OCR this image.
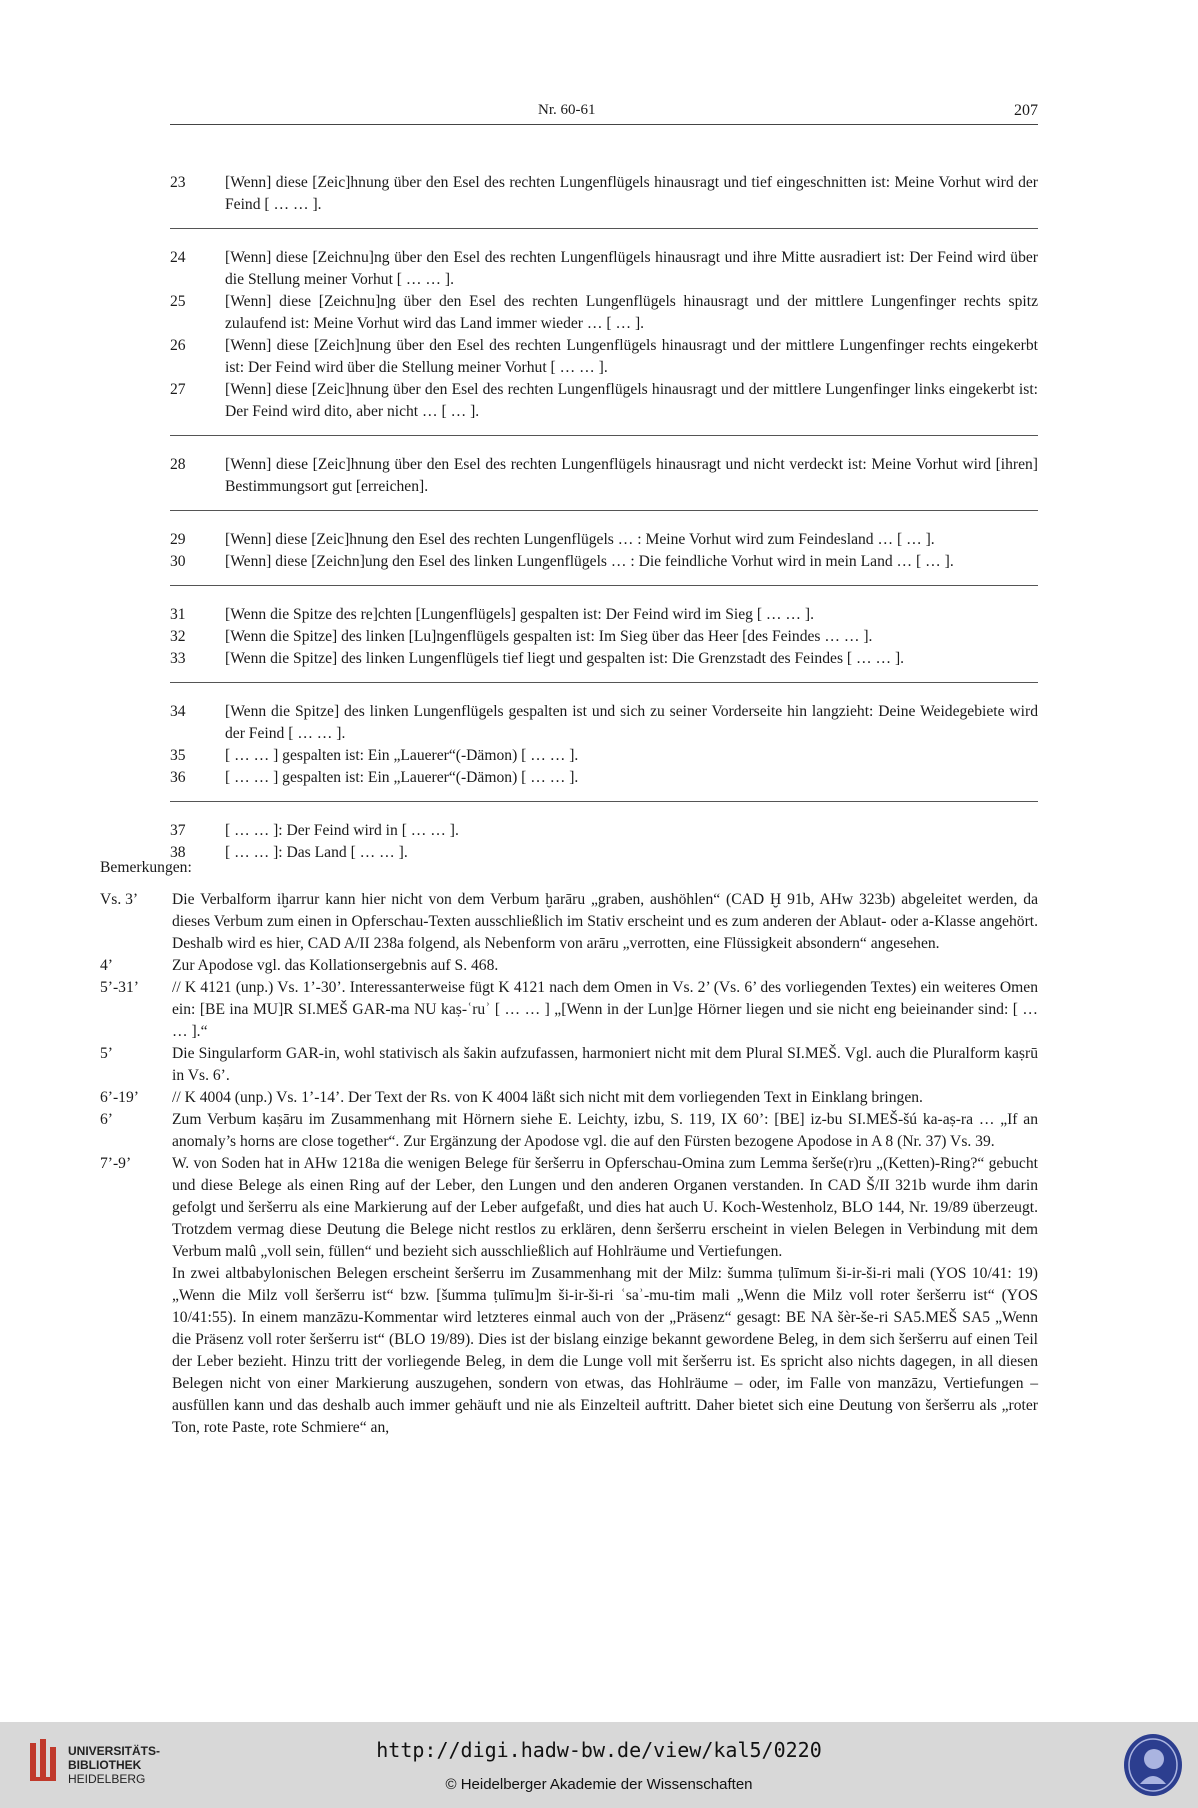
Nr. 60-61	207
23	[Wenn] diese [Zeic]hnung über den Esel des rechten Lungenflügels hinausragt und tief eingeschnitten ist: Meine Vorhut wird der Feind [ … … ].
24	[Wenn] diese [Zeichnu]ng über den Esel des rechten Lungenflügels hinausragt und ihre Mitte ausradiert ist: Der Feind wird über die Stellung meiner Vorhut [ … … ].
25	[Wenn] diese [Zeichnu]ng über den Esel des rechten Lungenflügels hinausragt und der mittlere Lungenfinger rechts spitz zulaufend ist: Meine Vorhut wird das Land immer wieder … [ … ].
26	[Wenn] diese [Zeich]nung über den Esel des rechten Lungenflügels hinausragt und der mittlere Lungenfinger rechts eingekerbt ist: Der Feind wird über die Stellung meiner Vorhut [ … … ].
27	[Wenn] diese [Zeic]hnung über den Esel des rechten Lungenflügels hinausragt und der mittlere Lungenfinger links eingekerbt ist: Der Feind wird dito, aber nicht … [ … ].
28	[Wenn] diese [Zeic]hnung über den Esel des rechten Lungenflügels hinausragt und nicht verdeckt ist: Meine Vorhut wird [ihren] Bestimmungsort gut [erreichen].
29	[Wenn] diese [Zeic]hnung den Esel des rechten Lungenflügels … : Meine Vorhut wird zum Feindesland … [ … ].
30	[Wenn] diese [Zeichn]ung den Esel des linken Lungenflügels … : Die feindliche Vorhut wird in mein Land … [ … ].
31	[Wenn die Spitze des re]chten [Lungenflügels] gespalten ist: Der Feind wird im Sieg [ … … ].
32	[Wenn die Spitze] des linken [Lu]ngenflügels gespalten ist: Im Sieg über das Heer [des Feindes … … ].
33	[Wenn die Spitze] des linken Lungenflügels tief liegt und gespalten ist: Die Grenzstadt des Feindes [ … … ].
34	[Wenn die Spitze] des linken Lungenflügels gespalten ist und sich zu seiner Vorderseite hin langzieht: Deine Weidegebiete wird der Feind [ … … ].
35	[ … … ] gespalten ist: Ein „Lauerer“(-Dämon) [ … … ].
36	[ … … ] gespalten ist: Ein „Lauerer“(-Dämon) [ … … ].
37	[ … … ]: Der Feind wird in [ … … ].
38	[ … … ]: Das Land [ … … ].
Bemerkungen:
Vs. 3’	Die Verbalform iḫarrur kann hier nicht von dem Verbum ḫarāru „graben, aushöhlen“ (CAD Ḫ 91b, AHw 323b) abgeleitet werden, da dieses Verbum zum einen in Opferschau-Texten ausschließlich im Stativ erscheint und es zum anderen der Ablaut- oder a-Klasse angehört. Deshalb wird es hier, CAD A/II 238a folgend, als Nebenform von arāru „verrotten, eine Flüssigkeit absondern“ angesehen.

4’	Zur Apodose vgl. das Kollationsergebnis auf S. 468.

5’-31’	// K 4121 (unp.) Vs. 1’-30’. Interessanterweise fügt K 4121 nach dem Omen in Vs. 2’ (Vs. 6’ des vorliegenden Textes) ein weiteres Omen ein: [BE ina MU]R SI.MEŠ GAR-ma NU kaṣ-ʿruʾ [ … … ] „[Wenn in der Lun]ge Hörner liegen und sie nicht eng beieinander sind: [ … … ].“

5’	Die Singularform GAR-in, wohl stativisch als šakin aufzufassen, harmoniert nicht mit dem Plural SI.MEŠ. Vgl. auch die Pluralform kaṣrū in Vs. 6’.

6’-19’	// K 4004 (unp.) Vs. 1’-14’. Der Text der Rs. von K 4004 läßt sich nicht mit dem vorliegenden Text in Einklang bringen.

6’	Zum Verbum kaṣāru im Zusammenhang mit Hörnern siehe E. Leichty, izbu, S. 119, IX 60’: [BE] iz-bu SI.MEŠ-šú ka-aṣ-ra … „If an anomaly’s horns are close together“. Zur Ergänzung der Apodose vgl. die auf den Fürsten bezogene Apodose in A 8 (Nr. 37) Vs. 39.

7’-9’	W. von Soden hat in AHw 1218a die wenigen Belege für šeršerru in Opferschau-Omina zum Lemma šerše(r)ru „(Ketten)-Ring?“ gebucht und diese Belege als einen Ring auf der Leber, den Lungen und den anderen Organen verstanden. In CAD Š/II 321b wurde ihm darin gefolgt und šeršerru als eine Markierung auf der Leber aufgefaßt, und dies hat auch U. Koch-Westenholz, BLO 144, Nr. 19/89 überzeugt. Trotzdem vermag diese Deutung die Belege nicht restlos zu erklären, denn šeršerru erscheint in vielen Belegen in Verbindung mit dem Verbum malû „voll sein, füllen“ und bezieht sich ausschließlich auf Hohlräume und Vertiefungen.

In zwei altbabylonischen Belegen erscheint šeršerru im Zusammenhang mit der Milz: šumma ṭulīmum ši-ir-ši-ri mali (YOS 10/41: 19) „Wenn die Milz voll šeršerru ist“ bzw. [šumma ṭulīmu]m ši-ir-ši-ri ʿsaʾ-mu-tim mali „Wenn die Milz voll roter šeršerru ist“ (YOS 10/41:55). In einem manzāzu-Kommentar wird letzteres einmal auch von der „Präsenz“ gesagt: BE NA šèr-še-ri SA5.MEŠ SA5 „Wenn die Präsenz voll roter šeršerru ist“ (BLO 19/89). Dies ist der bislang einzige bekannt gewordene Beleg, in dem sich šeršerru auf einen Teil der Leber bezieht. Hinzu tritt der vorliegende Beleg, in dem die Lunge voll mit šeršerru ist. Es spricht also nichts dagegen, in all diesen Belegen nicht von einer Markierung auszugehen, sondern von etwas, das Hohlräume – oder, im Falle von manzāzu, Vertiefungen – ausfüllen kann und das deshalb auch immer gehäuft und nie als Einzelteil auftritt. Daher bietet sich eine Deutung von šeršerru als „roter Ton, rote Paste, rote Schmiere“ an,

UNIVERSITÄTS-
BIBLIOTHEK
HEIDELBERG
http://digi.hadw-bw.de/view/kal5/0220
© Heidelberger Akademie der Wissenschaften
